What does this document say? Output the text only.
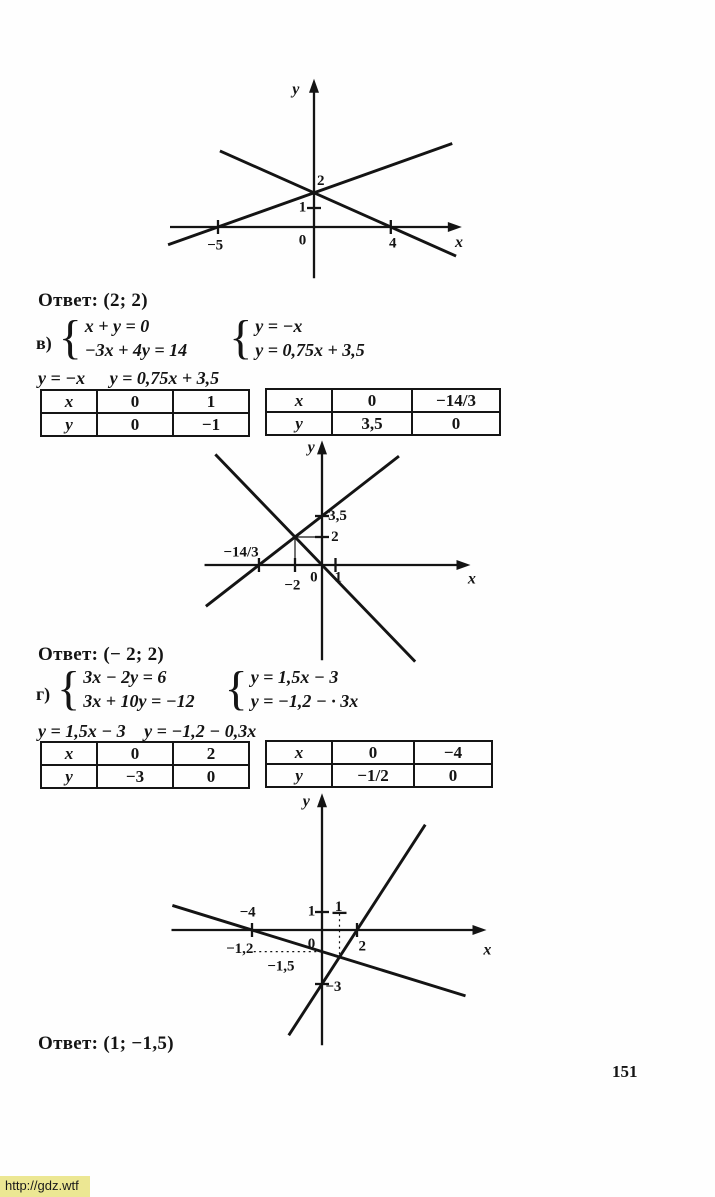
y
x
0
−5	4
1
2
Ответ: (2; 2)
в) { x + y = 0
−3x + 4y = 14 { y = −x
y = 0,75x + 3,5
y = −x y = 0,75x + 3,5
x	0	1
y	0	−1
x	0	−14/3
y	3,5	0
y
x
0 1
−2
−14/3
3,5
2
Ответ: (− 2; 2)
г) { 3x − 2y = 6
3x + 10y = −12 { y = 1,5x − 3
y = −1,2 − · 3x
y = 1,5x − 3 y = −1,2 − 0,3x
x	0	2
y	−3	0
x	0	−4
y	−1/2	0
y
x
0
1 1
−4
2
−1,2
−1,5
−3
Ответ: (1; −1,5)
151
http://gdz.wtf
